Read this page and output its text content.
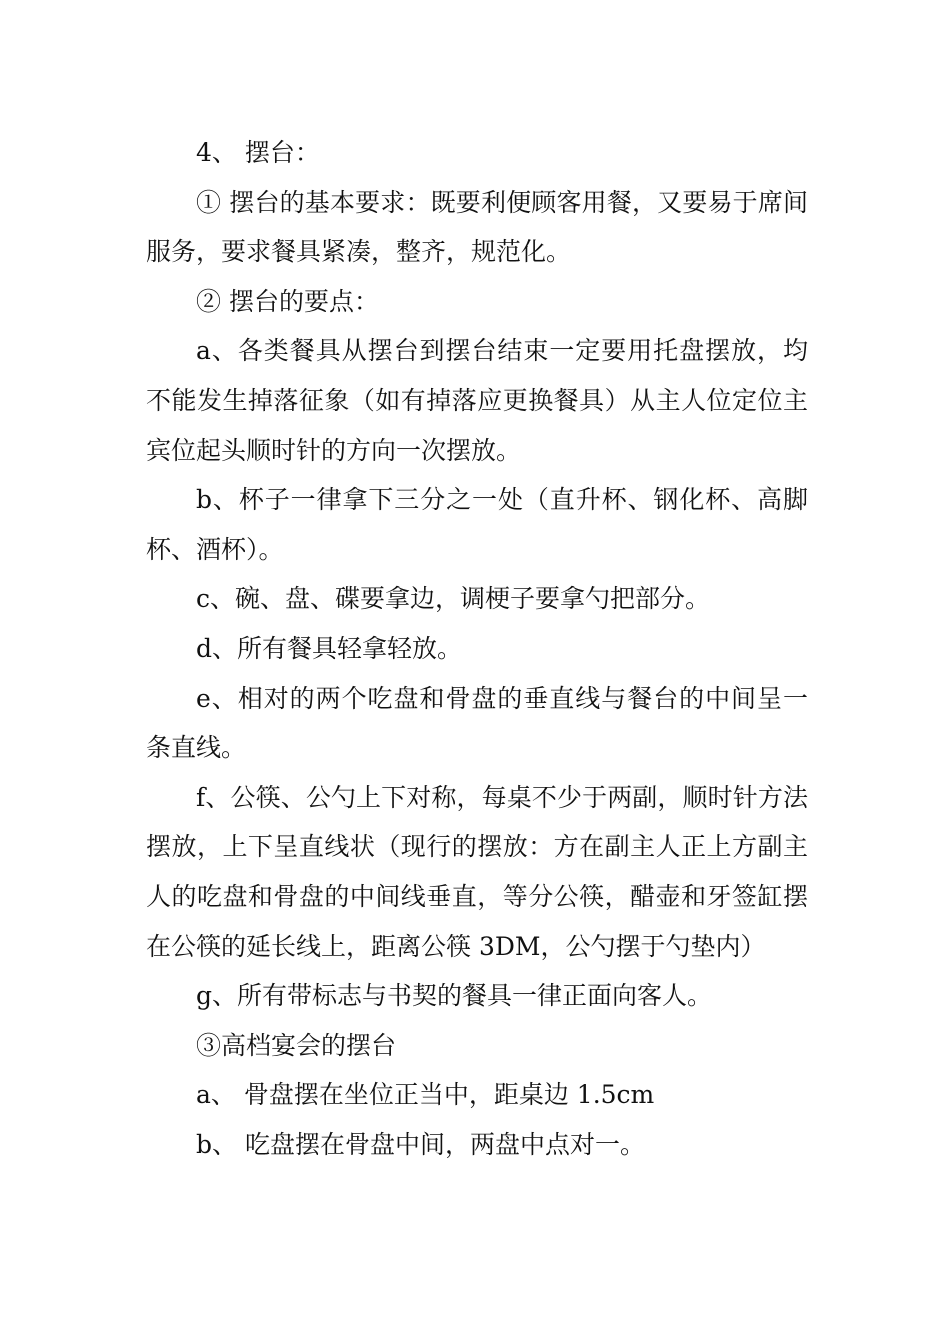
4、 摆台：

① 摆台的基本要求：既要利便顾客用餐，又要易于席间服务，要求餐具紧凑，整齐，规范化。

② 摆台的要点：

a、各类餐具从摆台到摆台结束一定要用托盘摆放，均不能发生掉落征象（如有掉落应更换餐具）从主人位定位主宾位起头顺时针的方向一次摆放。

b、杯子一律拿下三分之一处（直升杯、钢化杯、高脚杯、酒杯）。

c、碗、盘、碟要拿边，调梗子要拿勺把部分。

d、所有餐具轻拿轻放。

e、相对的两个吃盘和骨盘的垂直线与餐台的中间呈一条直线。

f、公筷、公勺上下对称，每桌不少于两副，顺时针方法摆放，上下呈直线状（现行的摆放：方在副主人正上方副主人的吃盘和骨盘的中间线垂直，等分公筷，醋壶和牙签缸摆在公筷的延长线上，距离公筷 3DM，公勺摆于勺垫内）

g、所有带标志与书契的餐具一律正面向客人。

③高档宴会的摆台

a、 骨盘摆在坐位正当中，距桌边 1.5cm

b、 吃盘摆在骨盘中间，两盘中点对一。
